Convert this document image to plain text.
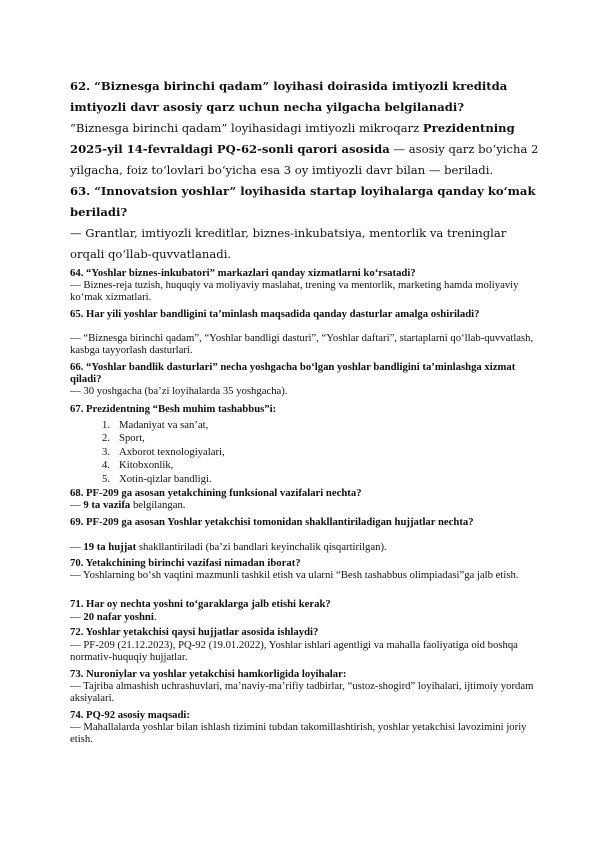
62. “Biznesga birinchi qadam” loyihasi doirasida imtiyozli kreditda imtiyozli davr asosiy qarz uchun necha yilgacha belgilanadi?
“Biznesga birinchi qadam” loyihasidagi imtiyozli mikroqarz Prezidentning 2025-yil 14-fevraldagi PQ-62-sonli qarori asosida — asosiy qarz bo‘yicha 2 yilgacha, foiz to‘lovlari bo‘yicha esa 3 oy imtiyozli davr bilan — beriladi.
63. “Innovatsion yoshlar” loyihasida startap loyihalarga qanday ko‘mak beriladi?
— Grantlar, imtiyozli kreditlar, biznes-inkubatsiya, mentorlik va treninglar orqali qo‘llab-quvvatlanadi.
64. “Yoshlar biznes-inkubatori” markazlari qanday xizmatlarni ko‘rsatadi?
— Biznes-reja tuzish, huquqiy va moliyaviy maslahat, trening va mentorlik, marketing hamda moliyaviy ko‘mak xizmatlari.
65. Har yili yoshlar bandligini ta’minlash maqsadida qanday dasturlar amalga oshiriladi?
— “Biznesga birinchi qadam”, “Yoshlar bandligi dasturi”, “Yoshlar daftari”, startaplarni qo‘llab-quvvatlash, kasbga tayyorlash dasturlari.
66. “Yoshlar bandlik dasturlari” necha yoshgacha bo‘lgan yoshlar bandligini ta’minlashga xizmat qiladi?
— 30 yoshgacha (ba’zi loyihalarda 35 yoshgacha).
67. Prezidentning “Besh muhim tashabbus”i:
1. Madaniyat va san’at,
2. Sport,
3. Axborot texnologiyalari,
4. Kitobxonlik,
5. Xotin-qizlar bandligi.
68. PF-209 ga asosan yetakchining funksional vazifalari nechta?
— 9 ta vazifa belgilangan.
69. PF-209 ga asosan Yoshlar yetakchisi tomonidan shakllantiriladigan hujjatlar nechta?
— 19 ta hujjat shakllantiriladi (ba’zi bandlari keyinchalik qisqartirilgan).
70. Yetakchining birinchi vazifasi nimadan iborat?
— Yoshlarning bo‘sh vaqtini mazmunli tashkil etish va ularni “Besh tashabbus olimpiadasi”ga jalb etish.
71. Har oy nechta yoshni to‘garaklarga jalb etishi kerak?
— 20 nafar yoshni.
72. Yoshlar yetakchisi qaysi hujjatlar asosida ishlaydi?
— PF-209 (21.12.2023), PQ-92 (19.01.2022), Yoshlar ishlari agentligi va mahalla faoliyatiga oid boshqa normativ-huquqiy hujjatlar.
73. Nuroniylar va yoshlar yetakchisi hamkorligida loyihalar:
— Tajriba almashish uchrashuvlari, ma’naviy-ma’rifiy tadbirlar, “ustoz-shogird” loyihalari, ijtimoiy yordam aksiyalari.
74. PQ-92 asosiy maqsadi:
— Mahallalarda yoshlar bilan ishlash tizimini tubdan takomillashtirish, yoshlar yetakchisi lavozimini joriy etish.
